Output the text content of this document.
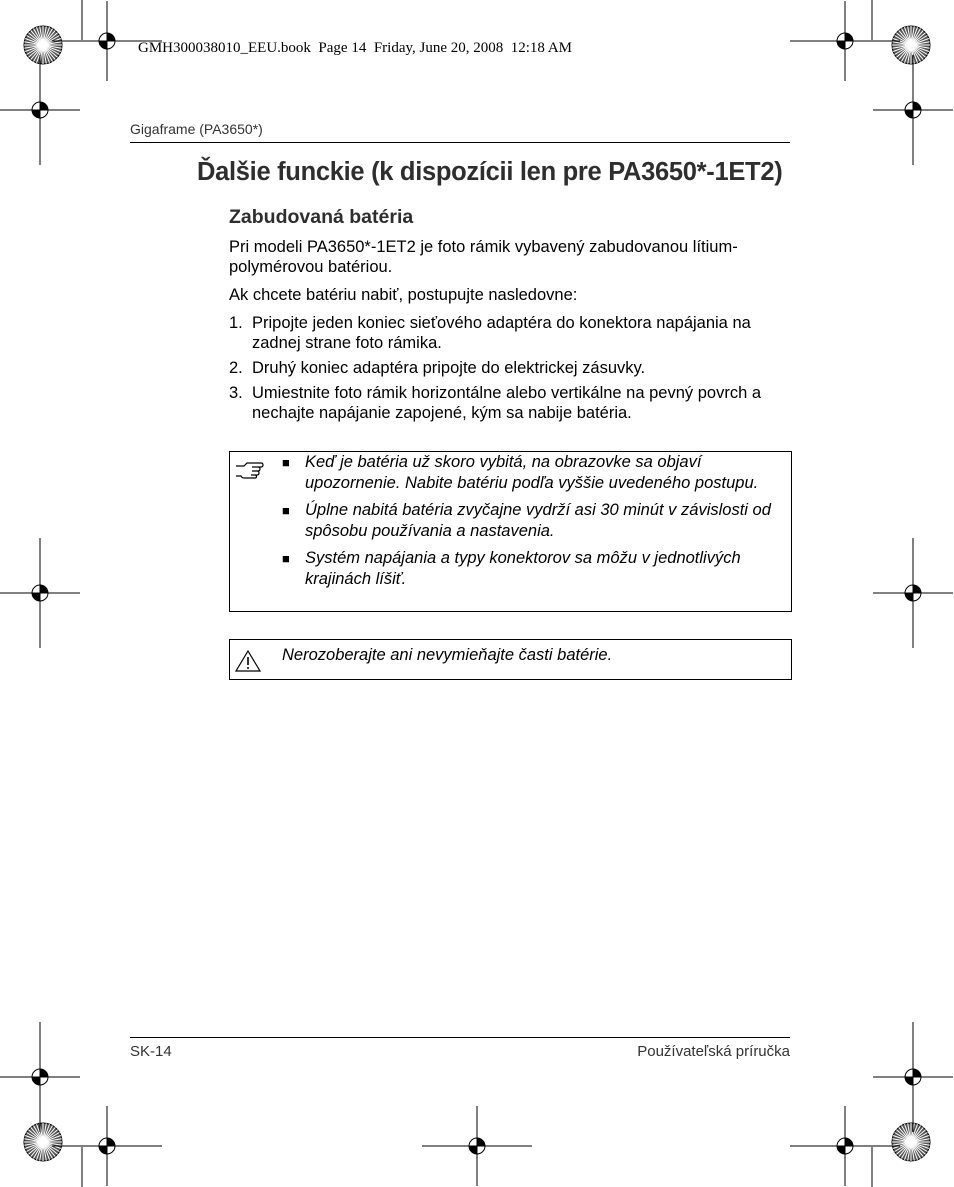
GMH300038010_EEU.book  Page 14  Friday, June 20, 2008  12:18 AM
Gigaframe (PA3650*)
Ďalšie funckie (k dispozícii len pre PA3650*-1ET2)
Zabudovaná batéria

Pri modeli PA3650*-1ET2 je foto rámik vybavený zabudovanou lítium-polymérovou batériou.

Ak chcete batériu nabiť, postupujte nasledovne:

1. Pripojte jeden koniec sieťového adaptéra do konektora napájania na zadnej strane foto rámika.
2. Druhý koniec adaptéra pripojte do elektrickej zásuvky.
3. Umiestnite foto rámik horizontálne alebo vertikálne na pevný povrch a nechajte napájanie zapojené, kým sa nabije batéria.
■ Keď je batéria už skoro vybitá, na obrazovke sa objaví upozornenie. Nabite batériu podľa vyššie uvedeného postupu.
■ Úplne nabitá batéria zvyčajne vydrží asi 30 minút v závislosti od spôsobu používania a nastavenia.
■ Systém napájania a typy konektorov sa môžu v jednotlivých krajinách líšiť.
Nerozoberajte ani nevymieňajte časti batérie.
SK-14	Používateľská príručka
